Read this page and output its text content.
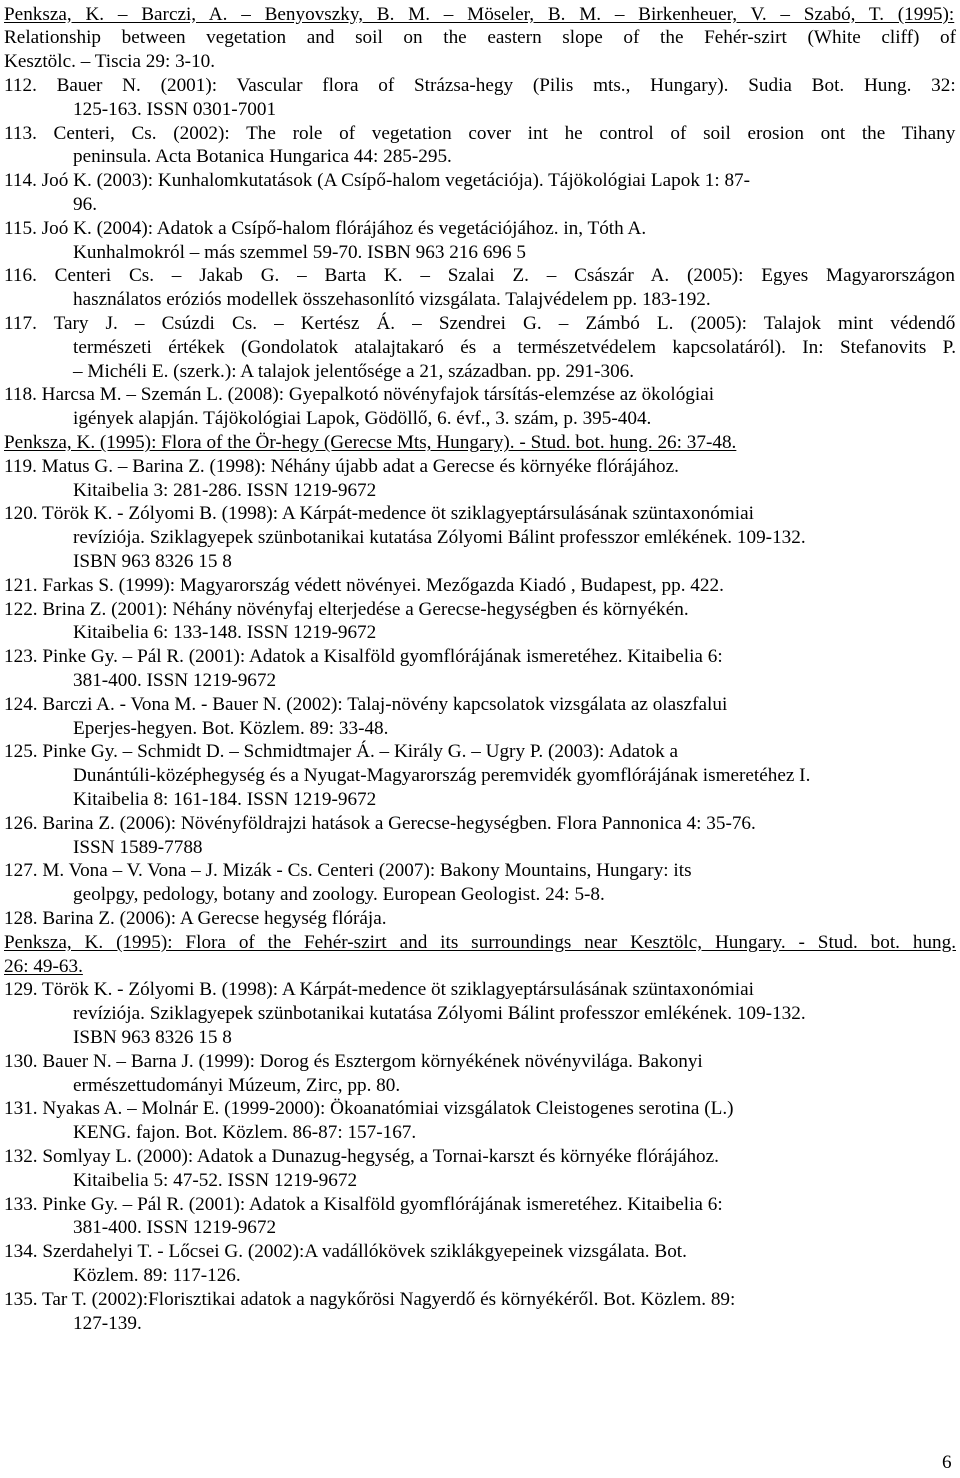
Penksza, K. – Barczi, A. – Benyovszky, B. M. – Möseler, B. M. – Birkenheuer, V. – Szabó, T. (1995):
Relationship between vegetation and soil on the eastern slope of the Fehér-szirt (White cliff) of
Kesztölc. – Tiscia 29: 3-10.
112. Bauer N. (2001): Vascular flora of Strázsa-hegy (Pilis mts., Hungary). Sudia Bot. Hung. 32:
125-163. ISSN 0301-7001
113. Centeri, Cs. (2002): The role of vegetation cover int he control of soil erosion ont the Tihany
peninsula. Acta Botanica Hungarica 44: 285-295.
114. Joó K. (2003): Kunhalomkutatások (A Csípő-halom vegetációja). Tájökológiai Lapok 1: 87-
96.
115. Joó K. (2004): Adatok a Csípő-halom flórájához és vegetációjához. in, Tóth A.
Kunhalmokról – más szemmel 59-70. ISBN 963 216 696 5
116. Centeri Cs. – Jakab G. – Barta K. – Szalai Z. – Császár A. (2005): Egyes Magyarországon
használatos eróziós modellek összehasonlító vizsgálata. Talajvédelem pp. 183-192.
117. Tary J. – Csúzdi Cs. – Kertész Á. – Szendrei G. – Zámbó L. (2005): Talajok mint védendő
természeti értékek (Gondolatok atalajtakaró és a természetvédelem kapcsolatáról). In: Stefanovits P.
– Michéli E. (szerk.): A talajok jelentősége a 21, században. pp. 291-306.
118. Harcsa M. – Szemán L. (2008): Gyepalkotó növényfajok társítás-elemzése az ökológiai
igények alapján. Tájökológiai Lapok, Gödöllő, 6. évf., 3. szám, p. 395-404.
Penksza, K. (1995): Flora of the Ör-hegy (Gerecse Mts, Hungary). - Stud. bot. hung. 26: 37-48.
119. Matus G. – Barina Z. (1998): Néhány újabb adat a Gerecse és környéke flórájához.
Kitaibelia 3: 281-286. ISSN 1219-9672
120. Török K. - Zólyomi B. (1998): A Kárpát-medence öt sziklagyeptársulásának szüntaxonómiai
revíziója. Sziklagyepek szünbotanikai kutatása Zólyomi Bálint professzor emlékének. 109-132.
ISBN 963 8326 15 8
121. Farkas S. (1999): Magyarország védett növényei. Mezőgazda Kiadó , Budapest, pp. 422.
122. Brina Z. (2001): Néhány növényfaj elterjedése a Gerecse-hegységben és környékén.
Kitaibelia 6: 133-148. ISSN 1219-9672
123. Pinke Gy. – Pál R. (2001): Adatok a Kisalföld gyomflórájának ismeretéhez. Kitaibelia 6:
381-400. ISSN 1219-9672
124. Barczi A. - Vona M. - Bauer N. (2002): Talaj-növény kapcsolatok vizsgálata az olaszfalui
Eperjes-hegyen. Bot. Közlem. 89: 33-48.
125. Pinke Gy. – Schmidt D. – Schmidtmajer Á. – Király G. – Ugry P. (2003): Adatok a
Dunántúli-középhegység és a Nyugat-Magyarország peremvidék gyomflórájának ismeretéhez I.
Kitaibelia 8: 161-184. ISSN 1219-9672
126. Barina Z. (2006): Növényföldrajzi hatások a Gerecse-hegységben. Flora Pannonica 4: 35-76.
ISSN 1589-7788
127. M. Vona – V. Vona – J. Mizák - Cs. Centeri (2007): Bakony Mountains, Hungary: its
geolpgy, pedology, botany and zoology. European Geologist. 24: 5-8.
128. Barina Z. (2006): A Gerecse hegység flórája.
Penksza, K. (1995): Flora of the Fehér-szirt and its surroundings near Kesztölc, Hungary. - Stud. bot. hung.
26: 49-63.
129. Török K. - Zólyomi B. (1998): A Kárpát-medence öt sziklagyeptársulásának szüntaxonómiai
revíziója. Sziklagyepek szünbotanikai kutatása Zólyomi Bálint professzor emlékének. 109-132.
ISBN 963 8326 15 8
130. Bauer N. – Barna J. (1999): Dorog és Esztergom környékének növényvilága. Bakonyi
ermészettudományi Múzeum, Zirc, pp. 80.
131. Nyakas A. – Molnár E. (1999-2000): Ökoanatómiai vizsgálatok Cleistogenes serotina (L.)
KENG. fajon. Bot. Közlem. 86-87: 157-167.
132. Somlyay L. (2000): Adatok a Dunazug-hegység, a Tornai-karszt és környéke flórájához.
Kitaibelia 5: 47-52. ISSN 1219-9672
133. Pinke Gy. – Pál R. (2001): Adatok a Kisalföld gyomflórájának ismeretéhez. Kitaibelia 6:
381-400. ISSN 1219-9672
134. Szerdahelyi T. - Lőcsei G. (2002):A vadállókövek sziklákgyepeinek vizsgálata. Bot.
Közlem. 89: 117-126.
135. Tar T. (2002):Florisztikai adatok a nagykőrösi Nagyerdő és környékéről. Bot. Közlem. 89:
127-139.
6
